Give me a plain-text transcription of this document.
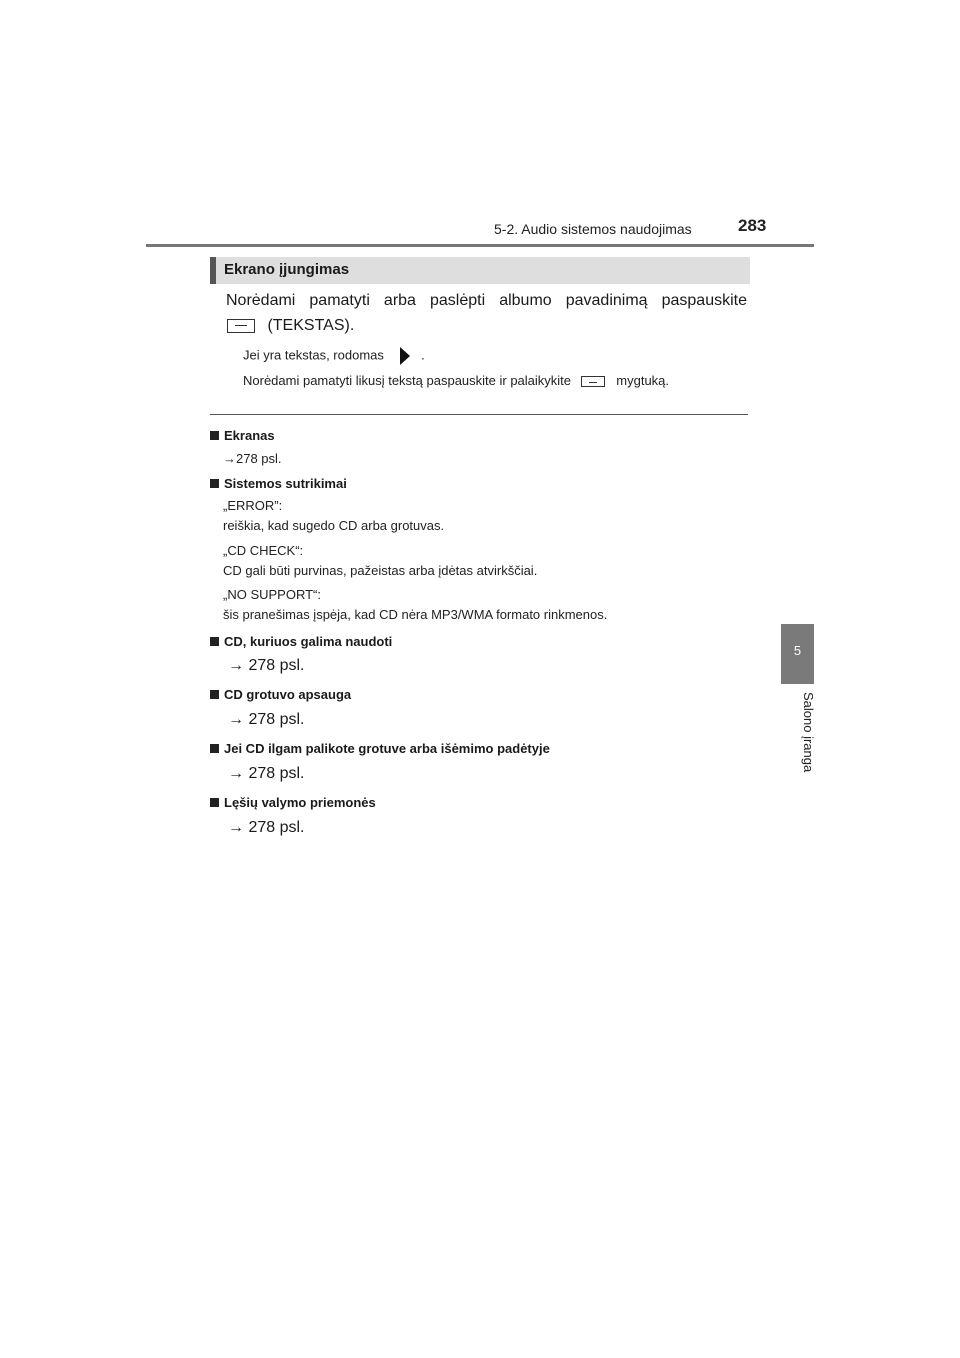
5-2. Audio sistemos naudojimas	283
5
Salono įranga
Ekrano įjungimas
Norėdami pamatyti arba paslėpti albumo pavadinimą paspauskite
(TEKSTAS).
Jei yra tekstas, rodomas	.
Norėdami pamatyti likusį tekstą paspauskite ir palaikykite	mygtuką.
Ekranas
→278 psl.
Sistemos sutrikimai
„ERROR”:
reiškia, kad sugedo CD arba grotuvas.
„CD CHECK“:
CD gali būti purvinas, pažeistas arba įdėtas atvirkščiai.
„NO SUPPORT“:
šis pranešimas įspėja, kad CD nėra MP3/WMA formato rinkmenos.
CD, kuriuos galima naudoti
→ 278 psl.
CD grotuvo apsauga
→ 278 psl.
Jei CD ilgam palikote grotuve arba išėmimo padėtyje
→ 278 psl.
Lęšių valymo priemonės
→ 278 psl.
